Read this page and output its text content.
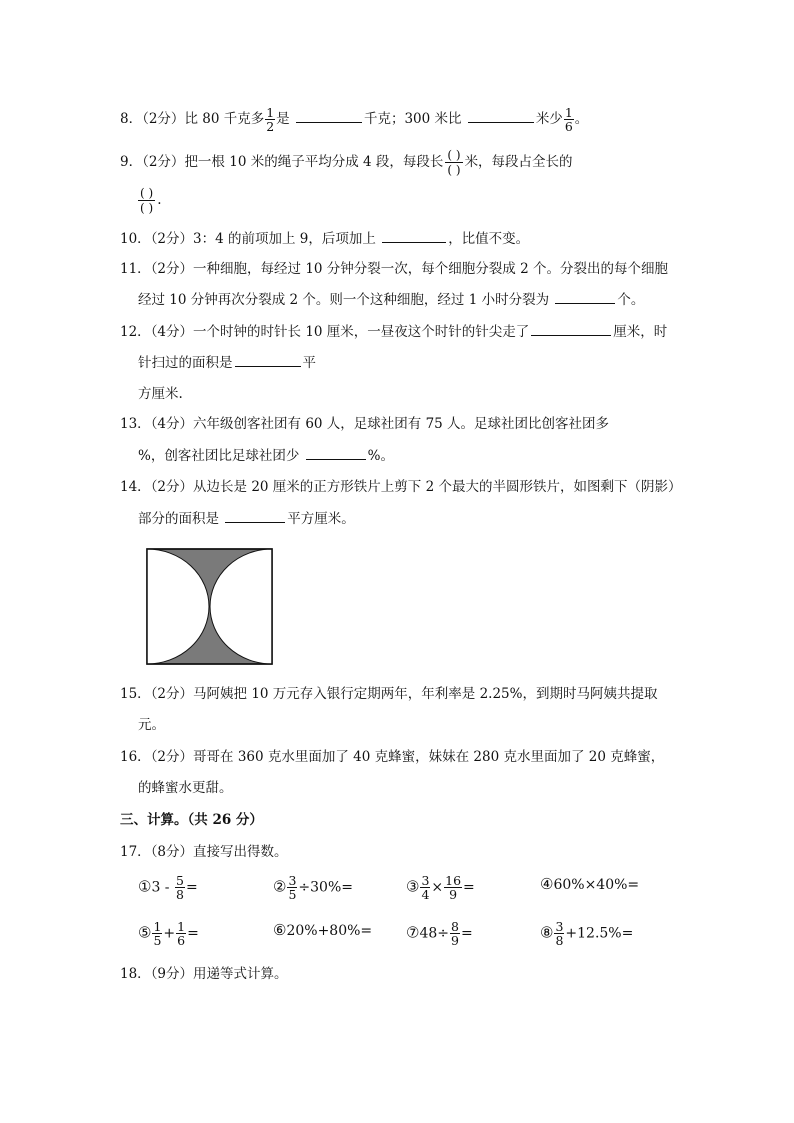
8．（2分）比 80 千克多 $\frac{1}{2}$ 是	千克；300 米比	米少 $\frac{1}{6}$ 。
9．（2分）把一根 10 米的绳子平均分成 4 段，每段长 $\frac{( )}{( )}$ 米，每段占全长的
$\frac{( )}{( )}$ .
10．（2分）3：4 的前项加上 9，后项加上	，比值不变。
11．（2分）一种细胞，每经过 10 分钟分裂一次，每个细胞分裂成 2 个。分裂出的每个细胞
经过 10 分钟再次分裂成 2 个。则一个这种细胞，经过 1 小时分裂为	个。
12．（4分）一个时钟的时针长 10 厘米，一昼夜这个时针的针尖走了	厘米，时
针扫过的面积是	平
方厘米.
13．（4分）六年级创客社团有 60 人，足球社团有 75 人。足球社团比创客社团多
%，创客社团比足球社团少	%。
14．（2分）从边长是 20 厘米的正方形铁片上剪下 2 个最大的半圆形铁片，如图剩下（阴影）
部分的面积是	平方厘米。
15．（2分）马阿姨把 10 万元存入银行定期两年，年利率是 2.25%，到期时马阿姨共提取
元。
16．（2分）哥哥在 360 克水里面加了 40 克蜂蜜，妹妹在 280 克水里面加了 20 克蜂蜜，
的蜂蜜水更甜。
三、计算。（共 26 分）
17．（8分）直接写出得数。
①3 - $\frac{5}{8}$ =	② $\frac{3}{5} \div 30\%=$	③ $\frac{3}{4} \times \frac{16}{9}$ =	④60%×40%=
⑤ $\frac{1}{5} + \frac{1}{6}$ =	⑥20%+80%= ⑦48÷ $\frac{8}{9}$ =	⑧ $\frac{3}{8} +12.5\%=$
18．（9分）用递等式计算。
